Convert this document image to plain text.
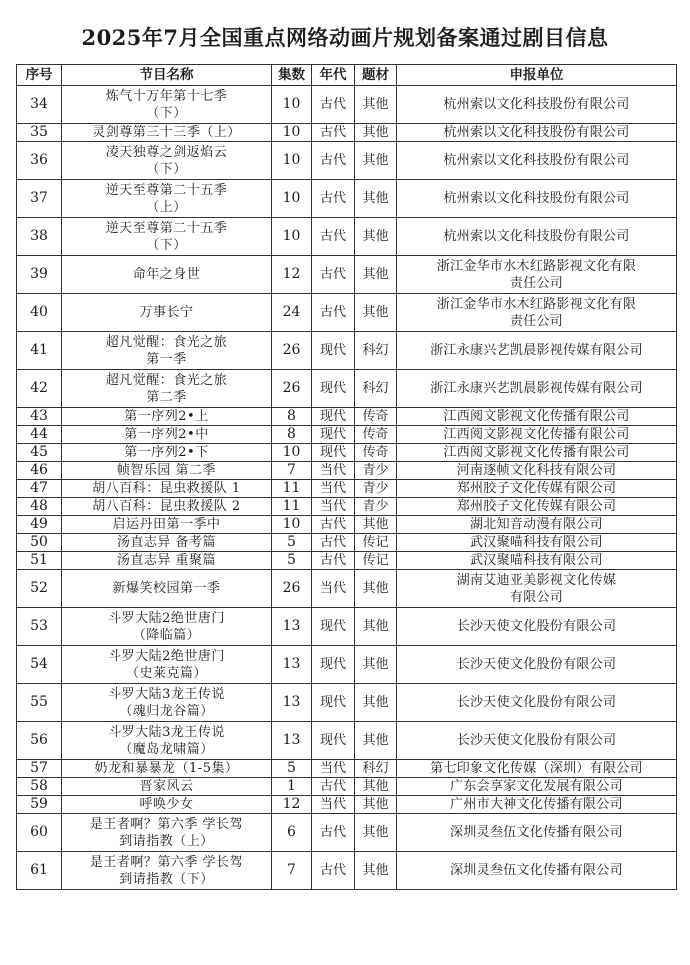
2025年7月全国重点网络动画片规划备案通过剧目信息
序号	节目名称	集数	年代	题材	申报单位
34	炼气十万年第十七季
（下）	10	古代	其他	杭州索以文化科技股份有限公司

35	灵剑尊第三十三季（上）	10	古代	其他	杭州索以文化科技股份有限公司

36	凌天独尊之剑返焰云
（下）	10	古代	其他	杭州索以文化科技股份有限公司

37	逆天至尊第二十五季
（上）	10	古代	其他	杭州索以文化科技股份有限公司

38	逆天至尊第二十五季
（下）	10	古代	其他	杭州索以文化科技股份有限公司

39	命年之身世	12	古代	其他	浙江金华市水木红路影视文化有限
责任公司

40	万事长宁	24	古代	其他	浙江金华市水木红路影视文化有限
责任公司

41	超凡觉醒：食光之旅
第一季	26	现代	科幻	浙江永康兴艺凯晨影视传媒有限公司

42	超凡觉醒：食光之旅
第二季	26	现代	科幻	浙江永康兴艺凯晨影视传媒有限公司

43	第一序列2•上	8	现代	传奇	江西阅文影视文化传播有限公司

44	第一序列2•中	8	现代	传奇	江西阅文影视文化传播有限公司

45	第一序列2•下	10	现代	传奇	江西阅文影视文化传播有限公司

46	帧智乐园 第二季	7	当代	青少	河南逐帧文化科技有限公司

47	胡八百科：昆虫救援队 1	11	当代	青少	郑州胶子文化传媒有限公司

48	胡八百科：昆虫救援队 2	11	当代	青少	郑州胶子文化传媒有限公司

49	启运丹田第一季中	10	古代	其他	湖北知音动漫有限公司

50	汤直志异 备考篇	5	古代	传记	武汉聚喵科技有限公司

51	汤直志异 重聚篇	5	古代	传记	武汉聚喵科技有限公司

52	新爆笑校园第一季	26	当代	其他	湖南艾迪亚美影视文化传媒
有限公司

53	斗罗大陆2绝世唐门
（降临篇）	13	现代	其他	长沙天使文化股份有限公司

54	斗罗大陆2绝世唐门
（史莱克篇）	13	现代	其他	长沙天使文化股份有限公司

55	斗罗大陆3龙王传说
（魂归龙谷篇）	13	现代	其他	长沙天使文化股份有限公司

56	斗罗大陆3龙王传说
（魔岛龙啸篇）	13	现代	其他	长沙天使文化股份有限公司

57	奶龙和暴暴龙（1-5集）	5	当代	科幻	第七印象文化传媒（深圳）有限公司

58	晋家风云	1	古代	其他	广东会享家文化发展有限公司

59	呼唤少女	12	当代	其他	广州市大神文化传播有限公司

60	是王者啊？第六季 学长驾
到请指教（上）	6	古代	其他	深圳灵叁伍文化传播有限公司

61	是王者啊？第六季 学长驾
到请指教（下）	7	古代	其他	深圳灵叁伍文化传播有限公司
